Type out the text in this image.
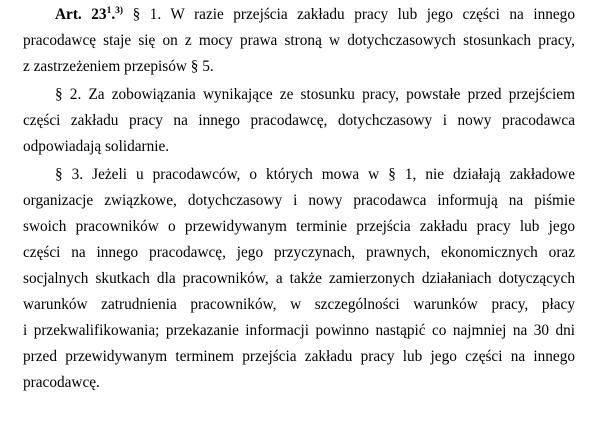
Art. $23^1.^{3)}$ § 1. W razie przejścia zakładu pracy lub jego części na innego
pracodawcę staje się on z mocy prawa stroną w dotychczasowych stosunkach pracy,
z zastrzeżeniem przepisów § 5.
§ 2. Za zobowiązania wynikające ze stosunku pracy, powstałe przed przejściem
części zakładu pracy na innego pracodawcę, dotychczasowy i nowy pracodawca
odpowiadają solidarnie.
§ 3. Jeżeli u pracodawców, o których mowa w § 1, nie działają zakładowe
organizacje związkowe, dotychczasowy i nowy pracodawca informują na piśmie
swoich pracowników o przewidywanym terminie przejścia zakładu pracy lub jego
części na innego pracodawcę, jego przyczynach, prawnych, ekonomicznych oraz
socjalnych skutkach dla pracowników, a także zamierzonych działaniach dotyczących
warunków zatrudnienia pracowników, w szczególności warunków pracy, płacy
i przekwalifikowania; przekazanie informacji powinno nastąpić co najmniej na 30 dni
przed przewidywanym terminem przejścia zakładu pracy lub jego części na innego
pracodawcę.
